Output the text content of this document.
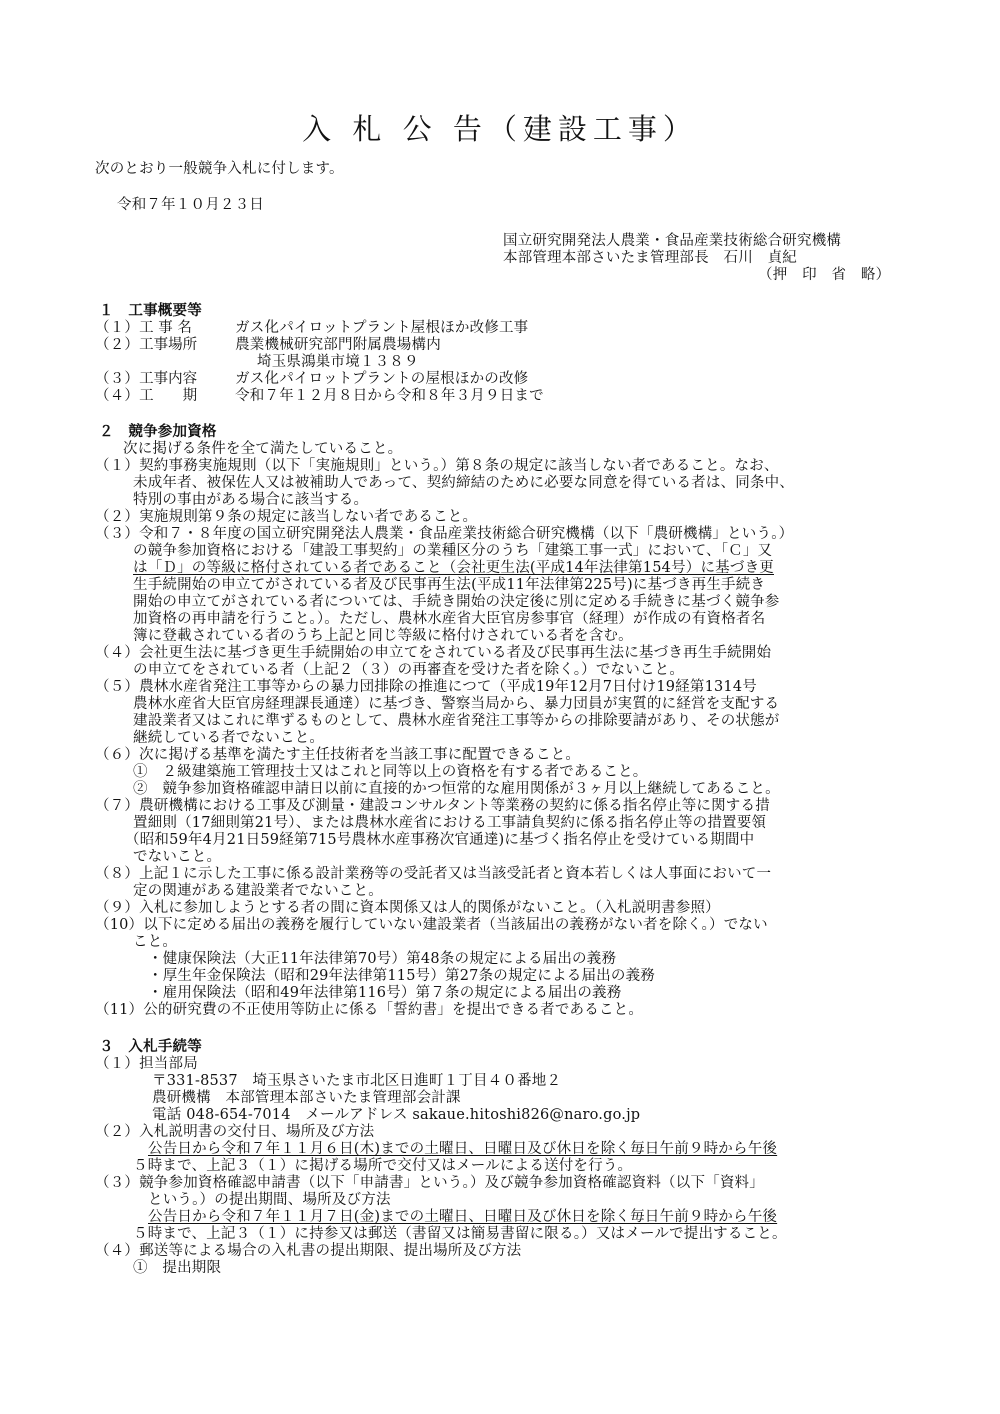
入 札 公 告（建設工事）
次のとおり一般競争入札に付します。
令和７年１０月２３日
国立研究開発法人農業・食品産業技術総合研究機構
本部管理本部さいたま管理部長　石川　貞紀
（押　印　省　略）
１　工事概要等
（１）工 事 名	ガス化パイロットプラント屋根ほか改修工事
（２）工事場所	農業機械研究部門附属農場構内
埼玉県鴻巣市境１３８９
（３）工事内容	ガス化パイロットプラントの屋根ほかの改修
（４）工　　期	令和７年１２月８日から令和８年３月９日まで
２　競争参加資格
次に掲げる条件を全て満たしていること。
（１）契約事務実施規則（以下「実施規則」という。）第８条の規定に該当しない者であること。なお、
未成年者、被保佐人又は被補助人であって、契約締結のために必要な同意を得ている者は、同条中、
特別の事由がある場合に該当する。
（２）実施規則第９条の規定に該当しない者であること。
（３）令和７・８年度の国立研究開発法人農業・食品産業技術総合研究機構（以下「農研機構」という。）
の競争参加資格における「建設工事契約」の業種区分のうち「建築工事一式」において、「Ｃ」又
は「Ｄ」の等級に格付されている者であること（会社更生法(平成14年法律第154号）に基づき更
生手続開始の申立てがされている者及び民事再生法(平成11年法律第225号)に基づき再生手続き
開始の申立てがされている者については、手続き開始の決定後に別に定める手続きに基づく競争参
加資格の再申請を行うこと。）。ただし、農林水産省大臣官房参事官（経理）が作成の有資格者名
簿に登載されている者のうち上記と同じ等級に格付けされている者を含む。
（４）会社更生法に基づき更生手続開始の申立てをされている者及び民事再生法に基づき再生手続開始
の申立てをされている者（上記２（３）の再審査を受けた者を除く。）でないこと。
（５）農林水産省発注工事等からの暴力団排除の推進につて（平成19年12月7日付け19経第1314号
農林水産省大臣官房経理課長通達）に基づき、警察当局から、暴力団員が実質的に経営を支配する
建設業者又はこれに準ずるものとして、農林水産省発注工事等からの排除要請があり、その状態が
継続している者でないこと。
（６）次に掲げる基準を満たす主任技術者を当該工事に配置できること。
①　２級建築施工管理技士又はこれと同等以上の資格を有する者であること。
②　競争参加資格確認申請日以前に直接的かつ恒常的な雇用関係が３ヶ月以上継続してあること。
（７）農研機構における工事及び測量・建設コンサルタント等業務の契約に係る指名停止等に関する措
置細則（17細則第21号）、または農林水産省における工事請負契約に係る指名停止等の措置要領
（昭和59年4月21日59経第715号農林水産事務次官通達)に基づく指名停止を受けている期間中
でないこと。
（８）上記１に示した工事に係る設計業務等の受託者又は当該受託者と資本若しくは人事面において一
定の関連がある建設業者でないこと。
（９）入札に参加しようとする者の間に資本関係又は人的関係がないこと。（入札説明書参照）
（10）以下に定める届出の義務を履行していない建設業者（当該届出の義務がない者を除く。）でない
こと。
・健康保険法（大正11年法律第70号）第48条の規定による届出の義務
・厚生年金保険法（昭和29年法律第115号）第27条の規定による届出の義務
・雇用保険法（昭和49年法律第116号）第７条の規定による届出の義務
（11）公的研究費の不正使用等防止に係る「誓約書」を提出できる者であること。
３　入札手続等
（１）担当部局
〒331-8537　埼玉県さいたま市北区日進町１丁目４０番地２
農研機構　本部管理本部さいたま管理部会計課
電話 048-654-7014　メールアドレス sakaue.hitoshi826@naro.go.jp
（２）入札説明書の交付日、場所及び方法
公告日から令和７年１１月６日(木)までの土曜日、日曜日及び休日を除く毎日午前９時から午後
５時まで、上記３（１）に掲げる場所で交付又はメールによる送付を行う。
（３）競争参加資格確認申請書（以下「申請書」という。）及び競争参加資格確認資料（以下「資料」
という。）の提出期間、場所及び方法
公告日から令和７年１１月７日(金)までの土曜日、日曜日及び休日を除く毎日午前９時から午後
５時まで、上記３（１）に持参又は郵送（書留又は簡易書留に限る。）又はメールで提出すること。
（４）郵送等による場合の入札書の提出期限、提出場所及び方法
①　提出期限
